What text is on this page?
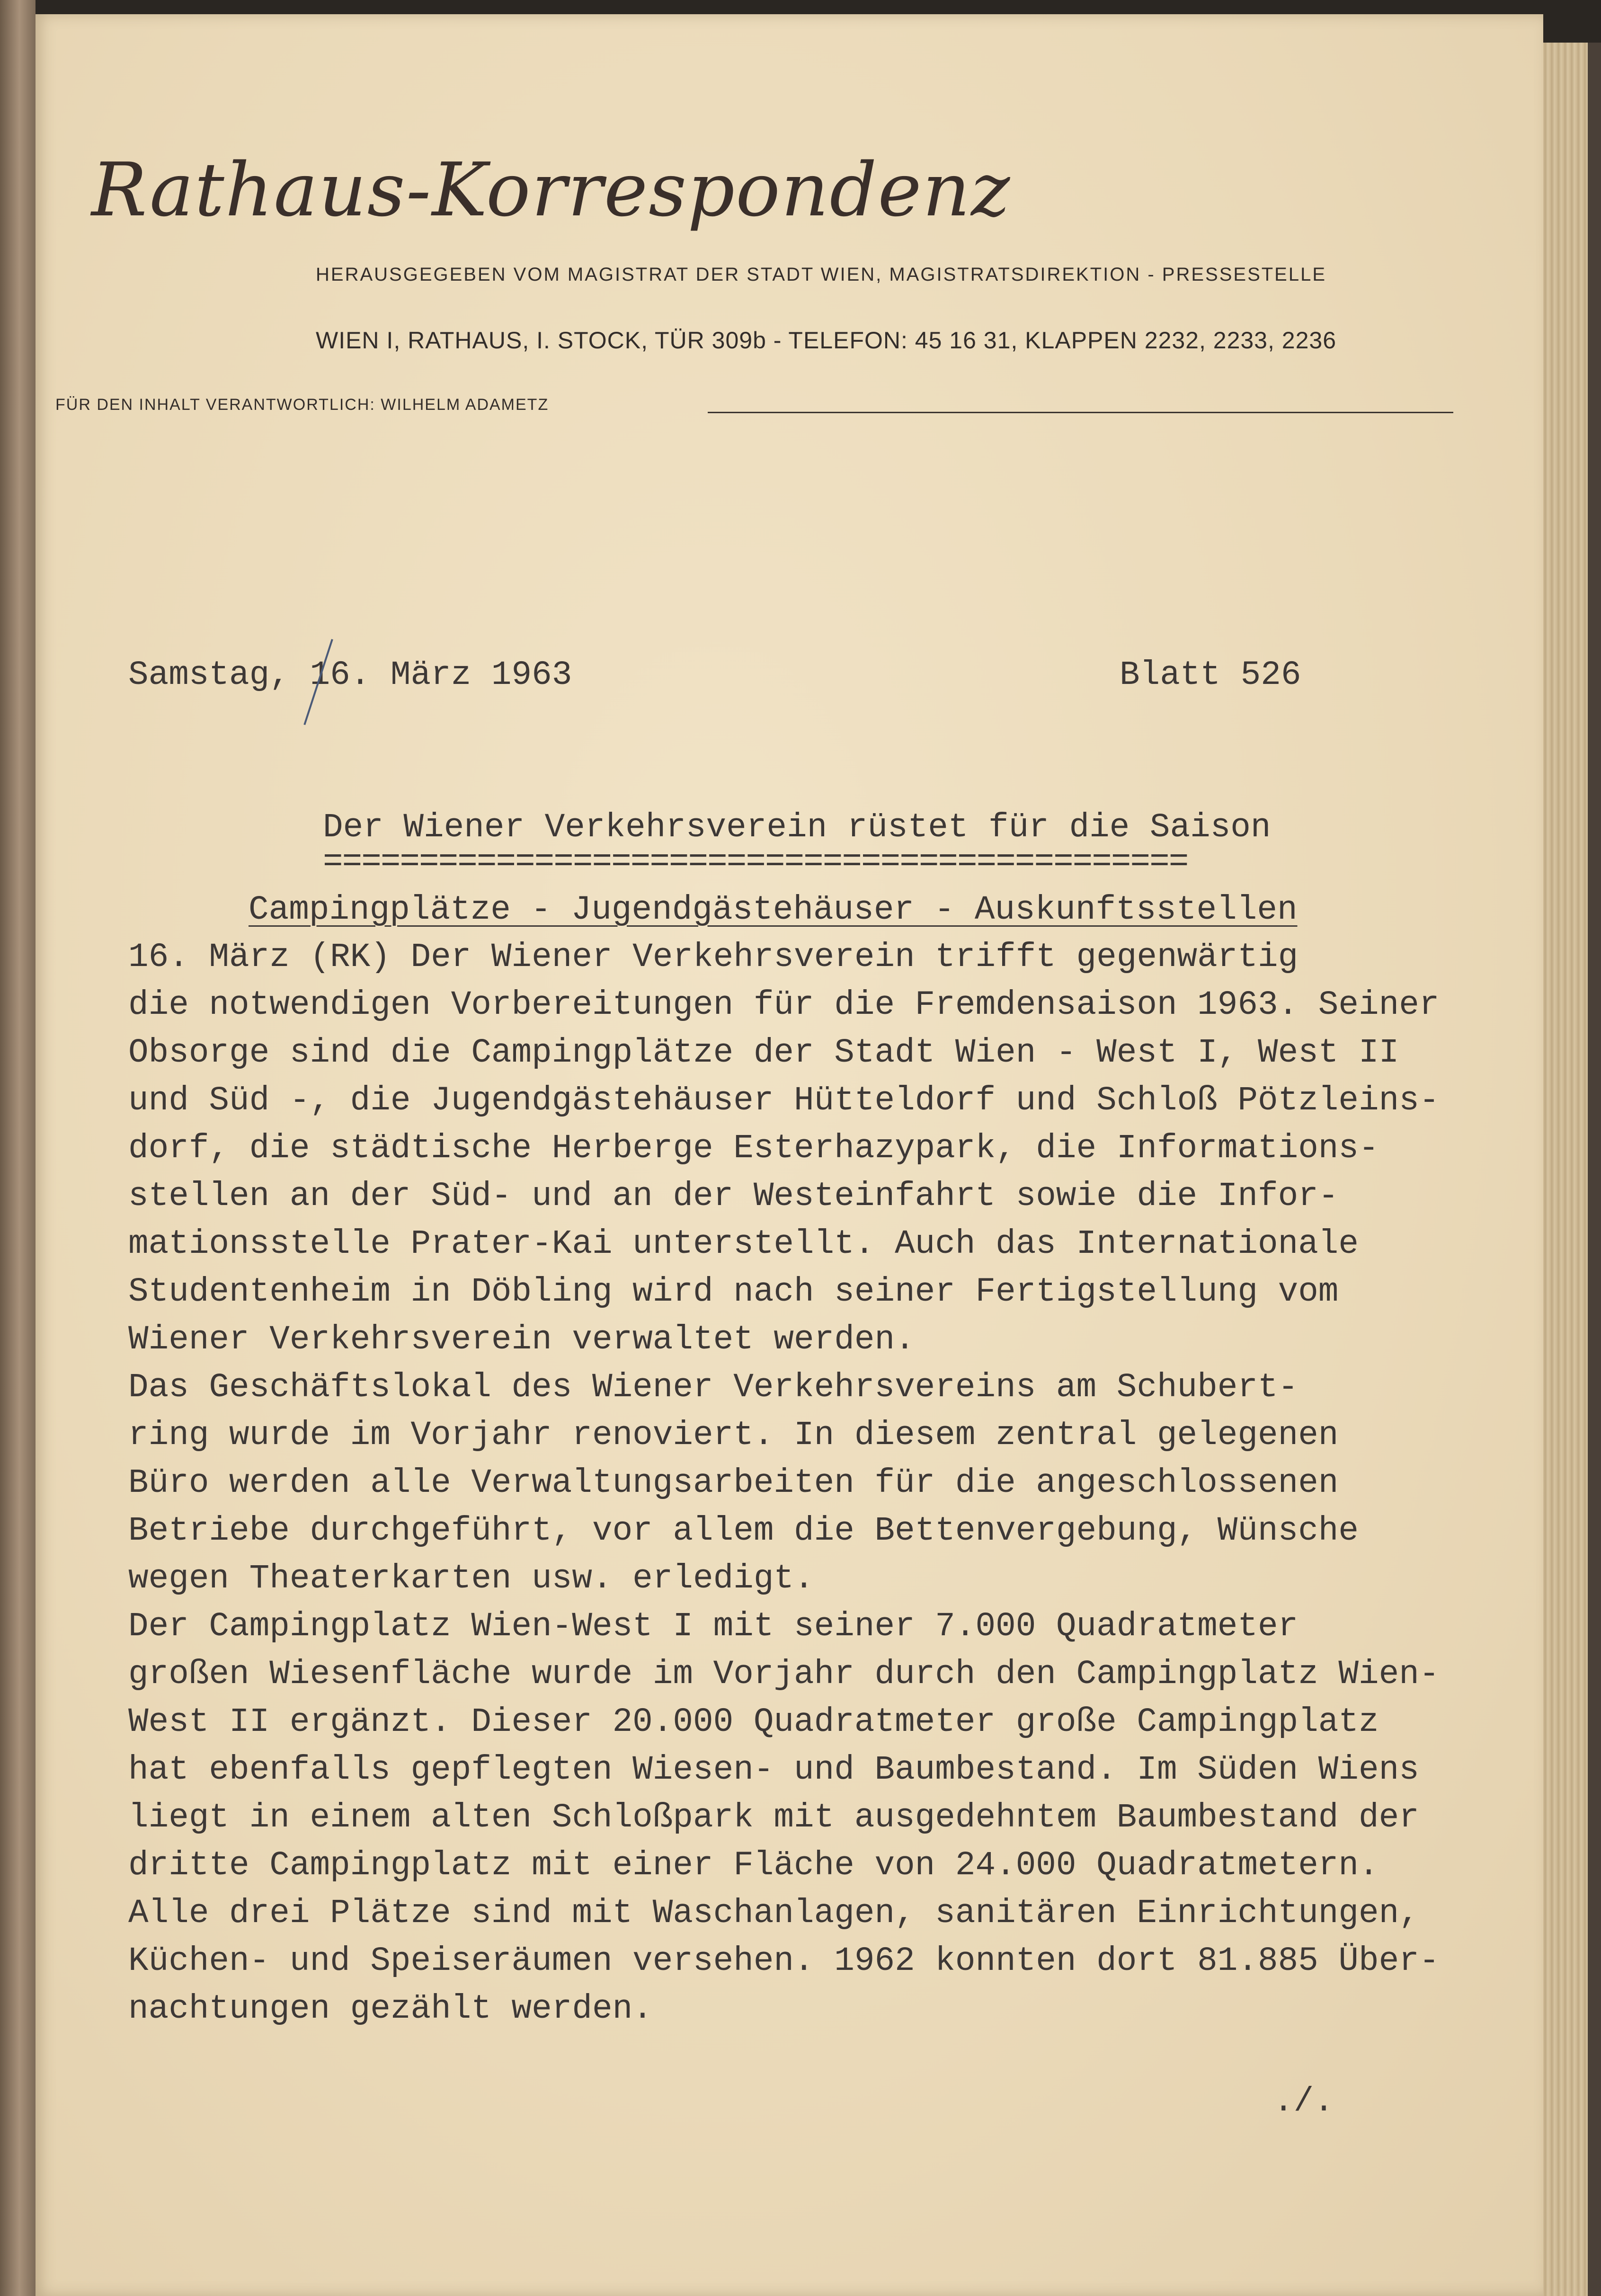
Rathaus-Korrespondenz
HERAUSGEGEBEN VOM MAGISTRAT DER STADT WIEN, MAGISTRATSDIREKTION - PRESSESTELLE
WIEN I, RATHAUS, I. STOCK, TÜR 309b - TELEFON: 45 16 31, KLAPPEN 2232, 2233, 2236
FÜR DEN INHALT VERANTWORTLICH: WILHELM ADAMETZ
Samstag, 16. März 1963	Blatt 526
Der Wiener Verkehrsverein rüstet für die Saison
=============================================
Campingplätze - Jugendgästehäuser - Auskunftsstellen
16. März (RK) Der Wiener Verkehrsverein trifft gegenwärtig
die notwendigen Vorbereitungen für die Fremdensaison 1963. Seiner
Obsorge sind die Campingplätze der Stadt Wien - West I, West II
und Süd -, die Jugendgästehäuser Hütteldorf und Schloß Pötzleins-
dorf, die städtische Herberge Esterhazypark, die Informations-
stellen an der Süd- und an der Westeinfahrt sowie die Infor-
mationsstelle Prater-Kai unterstellt. Auch das Internationale
Studentenheim in Döbling wird nach seiner Fertigstellung vom
Wiener Verkehrsverein verwaltet werden.
Das Geschäftslokal des Wiener Verkehrsvereins am Schubert-
ring wurde im Vorjahr renoviert. In diesem zentral gelegenen
Büro werden alle Verwaltungsarbeiten für die angeschlossenen
Betriebe durchgeführt, vor allem die Bettenvergebung, Wünsche
wegen Theaterkarten usw. erledigt.
Der Campingplatz Wien-West I mit seiner 7.000 Quadratmeter
großen Wiesenfläche wurde im Vorjahr durch den Campingplatz Wien-
West II ergänzt. Dieser 20.000 Quadratmeter große Campingplatz
hat ebenfalls gepflegten Wiesen- und Baumbestand. Im Süden Wiens
liegt in einem alten Schloßpark mit ausgedehntem Baumbestand der
dritte Campingplatz mit einer Fläche von 24.000 Quadratmetern.
Alle drei Plätze sind mit Waschanlagen, sanitären Einrichtungen,
Küchen- und Speiseräumen versehen. 1962 konnten dort 81.885 Über-
nachtungen gezählt werden.
./.
